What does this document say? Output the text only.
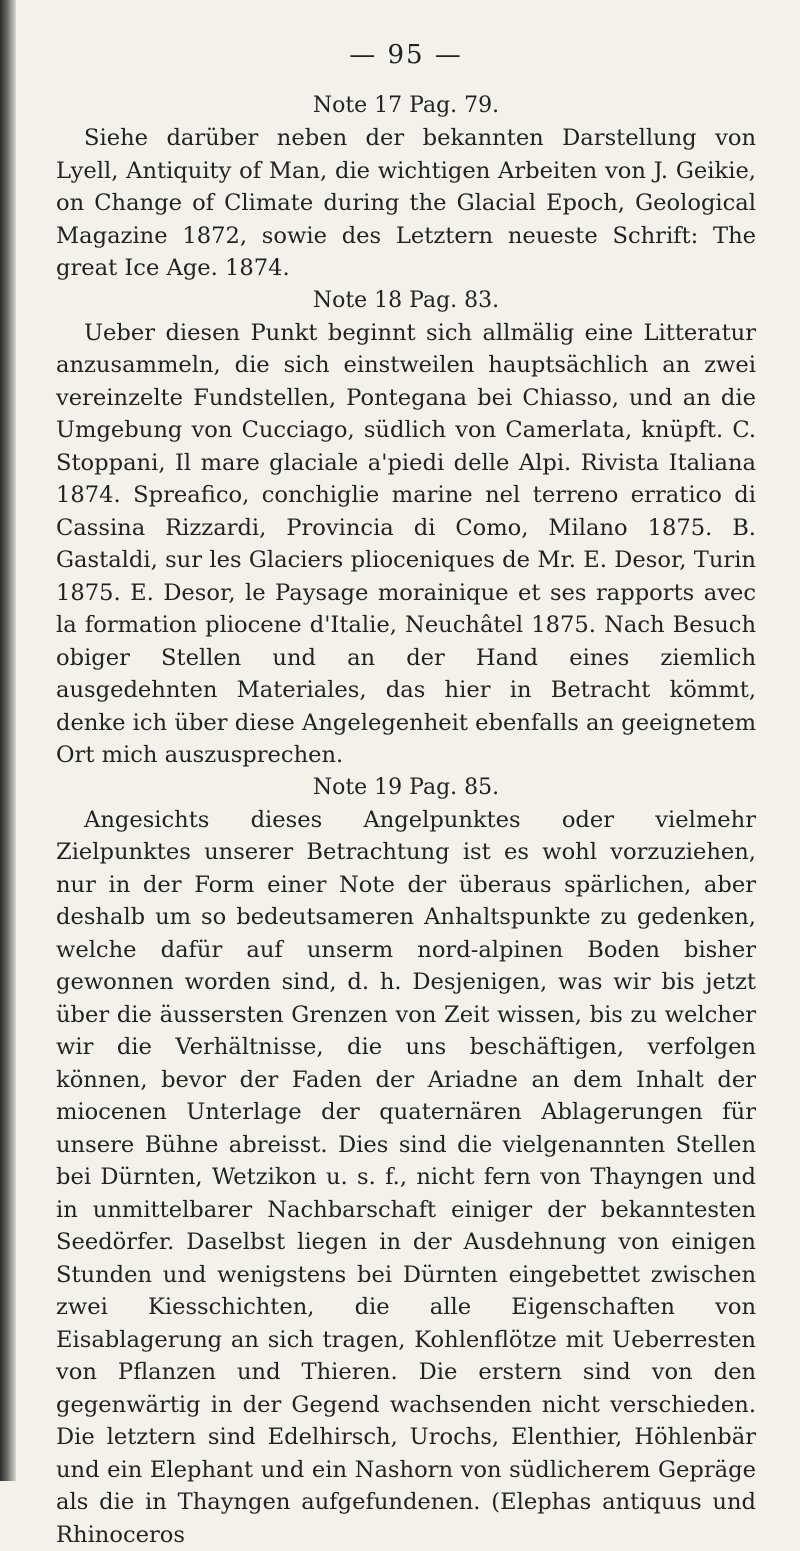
— 95 —
Note 17 Pag. 79.

Siehe darüber neben der bekannten Darstellung von Lyell, Antiquity of Man, die wichtigen Arbeiten von J. Geikie, on Change of Climate during the Glacial Epoch, Geological Magazine 1872, sowie des Letztern neueste Schrift: The great Ice Age. 1874.

Note 18 Pag. 83.

Ueber diesen Punkt beginnt sich allmälig eine Litteratur anzusammeln, die sich einstweilen hauptsächlich an zwei vereinzelte Fundstellen, Pontegana bei Chiasso, und an die Umgebung von Cucciago, südlich von Camerlata, knüpft. C. Stoppani, Il mare glaciale a'piedi delle Alpi. Rivista Italiana 1874. Spreafico, conchiglie marine nel terreno erratico di Cassina Rizzardi, Provincia di Como, Milano 1875. B. Gastaldi, sur les Glaciers plioceniques de Mr. E. Desor, Turin 1875. E. Desor, le Paysage morainique et ses rapports avec la formation pliocene d'Italie, Neuchâtel 1875. Nach Besuch obiger Stellen und an der Hand eines ziemlich ausgedehnten Materiales, das hier in Betracht kömmt, denke ich über diese Angelegenheit ebenfalls an geeignetem Ort mich auszusprechen.

Note 19 Pag. 85.

Angesichts dieses Angelpunktes oder vielmehr Zielpunktes unserer Betrachtung ist es wohl vorzuziehen, nur in der Form einer Note der überaus spärlichen, aber deshalb um so bedeutsameren Anhaltspunkte zu gedenken, welche dafür auf unserm nord-alpinen Boden bisher gewonnen worden sind, d. h. Desjenigen, was wir bis jetzt über die äussersten Grenzen von Zeit wissen, bis zu welcher wir die Verhältnisse, die uns beschäftigen, verfolgen können, bevor der Faden der Ariadne an dem Inhalt der miocenen Unterlage der quaternären Ablagerungen für unsere Bühne abreisst. Dies sind die vielgenannten Stellen bei Dürnten, Wetzikon u. s. f., nicht fern von Thayngen und in unmittelbarer Nachbarschaft einiger der bekanntesten Seedörfer. Daselbst liegen in der Ausdehnung von einigen Stunden und wenigstens bei Dürnten eingebettet zwischen zwei Kiesschichten, die alle Eigenschaften von Eisablagerung an sich tragen, Kohlenflötze mit Ueberresten von Pflanzen und Thieren. Die erstern sind von den gegenwärtig in der Gegend wachsenden nicht verschieden. Die letztern sind Edelhirsch, Urochs, Elenthier, Höhlenbär und ein Elephant und ein Nashorn von südlicherem Gepräge als die in Thayngen aufgefundenen. (Elephas antiquus und Rhinoceros
